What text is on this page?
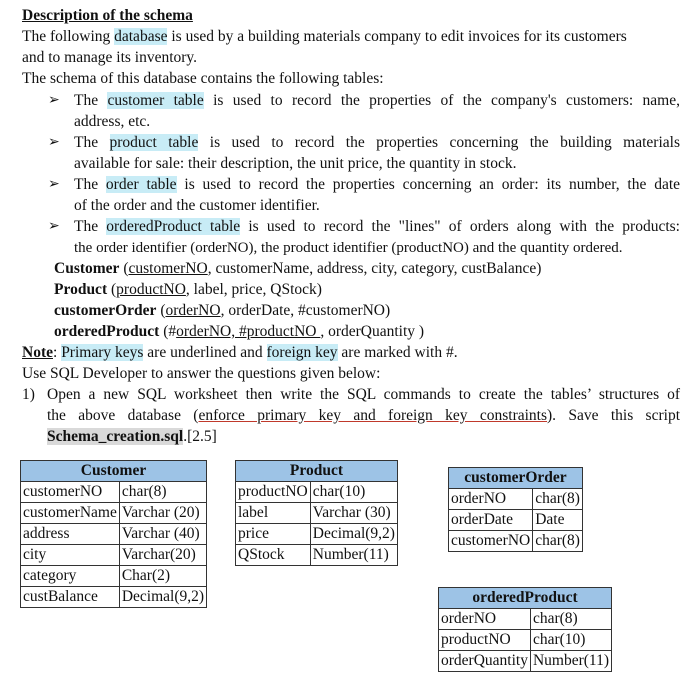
Description of the schema
The following database is used by a building materials company to edit invoices for its customers
and to manage its inventory.
The schema of this database contains the following tables:
➢ The customer table is used to record the properties of the company's customers: name,
address, etc.
➢ The product table is used to record the properties concerning the building materials
available for sale: their description, the unit price, the quantity in stock.
➢ The order table is used to record the properties concerning an order: its number, the date
of the order and the customer identifier.
➢ The orderedProduct table is used to record the "lines" of orders along with the products:
the order identifier (orderNO), the product identifier (productNO) and the quantity ordered.
Customer (customerNO, customerName, address, city, category, custBalance)
Product (productNO, label, price, QStock)
customerOrder (orderNO, orderDate, #customerNO)
orderedProduct (#orderNO, #productNO , orderQuantity )
Note: Primary keys are underlined and foreign key are marked with #.
Use SQL Developer to answer the questions given below:
1) Open a new SQL worksheet then write the SQL commands to create the tables’ structures of
the above database (enforce primary key and foreign key constraints). Save this script
Schema_creation.sql.[2.5]
Customer	
customerNO	char(8)
customerName	Varchar (20)
address	Varchar (40)
city	Varchar(20)
category	Char(2)
custBalance	Decimal(9,2)
Product	
productNO	char(10)
label	Varchar (30)
price	Decimal(9,2)
QStock	Number(11)
customerOrder	
orderNO	char(8)
orderDate	Date
customerNO	char(8)
orderedProduct	
orderNO	char(8)
productNO	char(10)
orderQuantity	Number(11)
